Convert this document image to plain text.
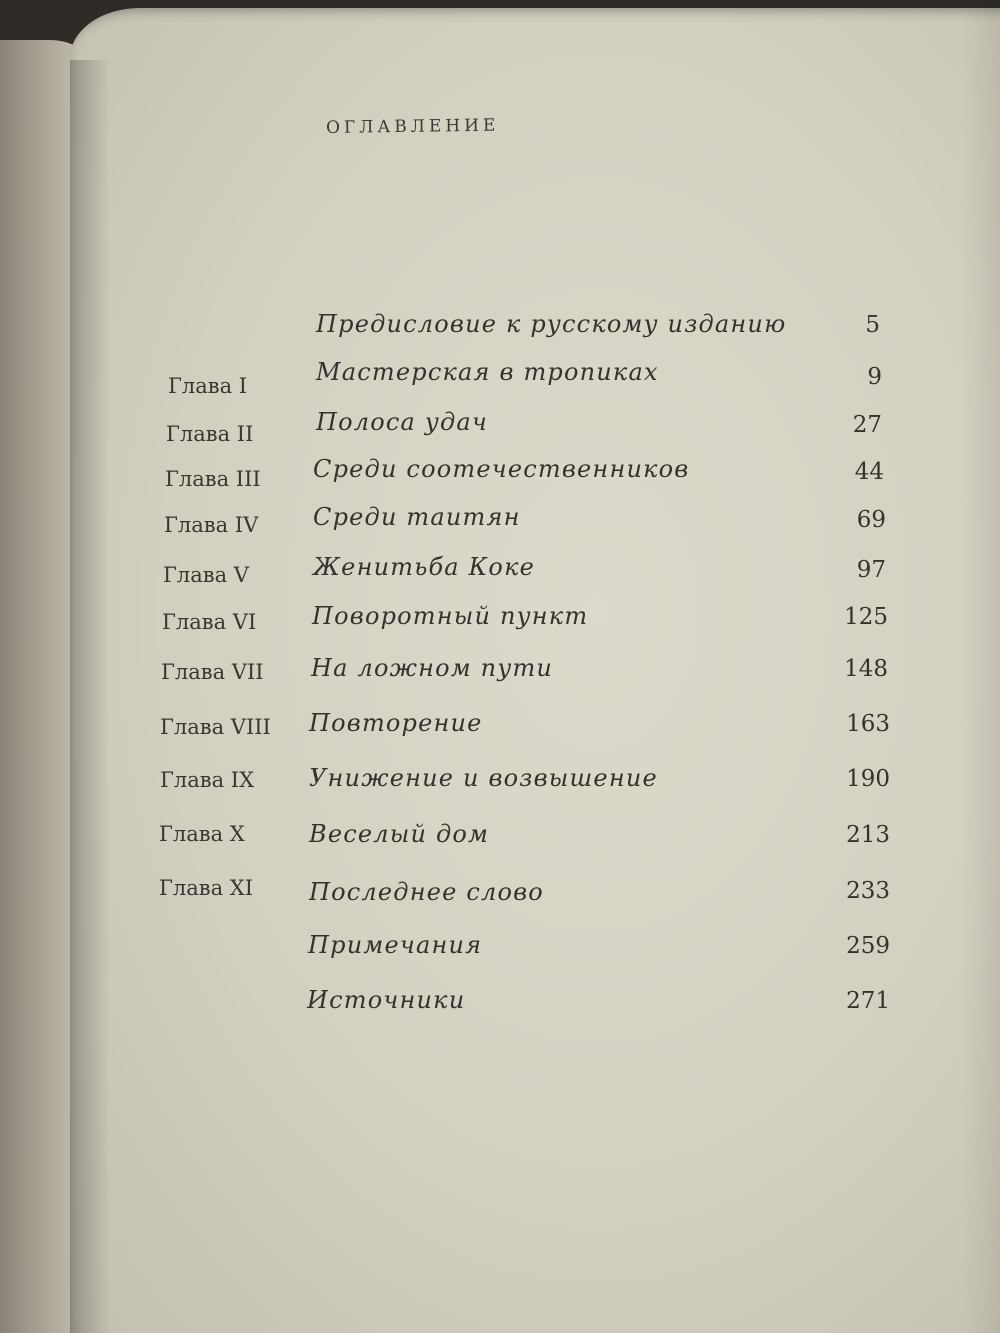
ОГЛАВЛЕНИЕ
Предисловие к русскому изданию	5
Глава I	Мастерская в тропиках	9
Глава II	Полоса удач	27
Глава III Среди соотечественников	44
Глава IV Среди таитян	69
Глава V	Женитьба Коке	97
Глава VI Поворотный пункт	125
Глава VII На ложном пути	148
Глава VIII Повторение	163
Глава IX Унижение и возвышение	190
Глава X	Веселый дом	213
Глава XI Последнее слово	233
Примечания	259
Источники	271
